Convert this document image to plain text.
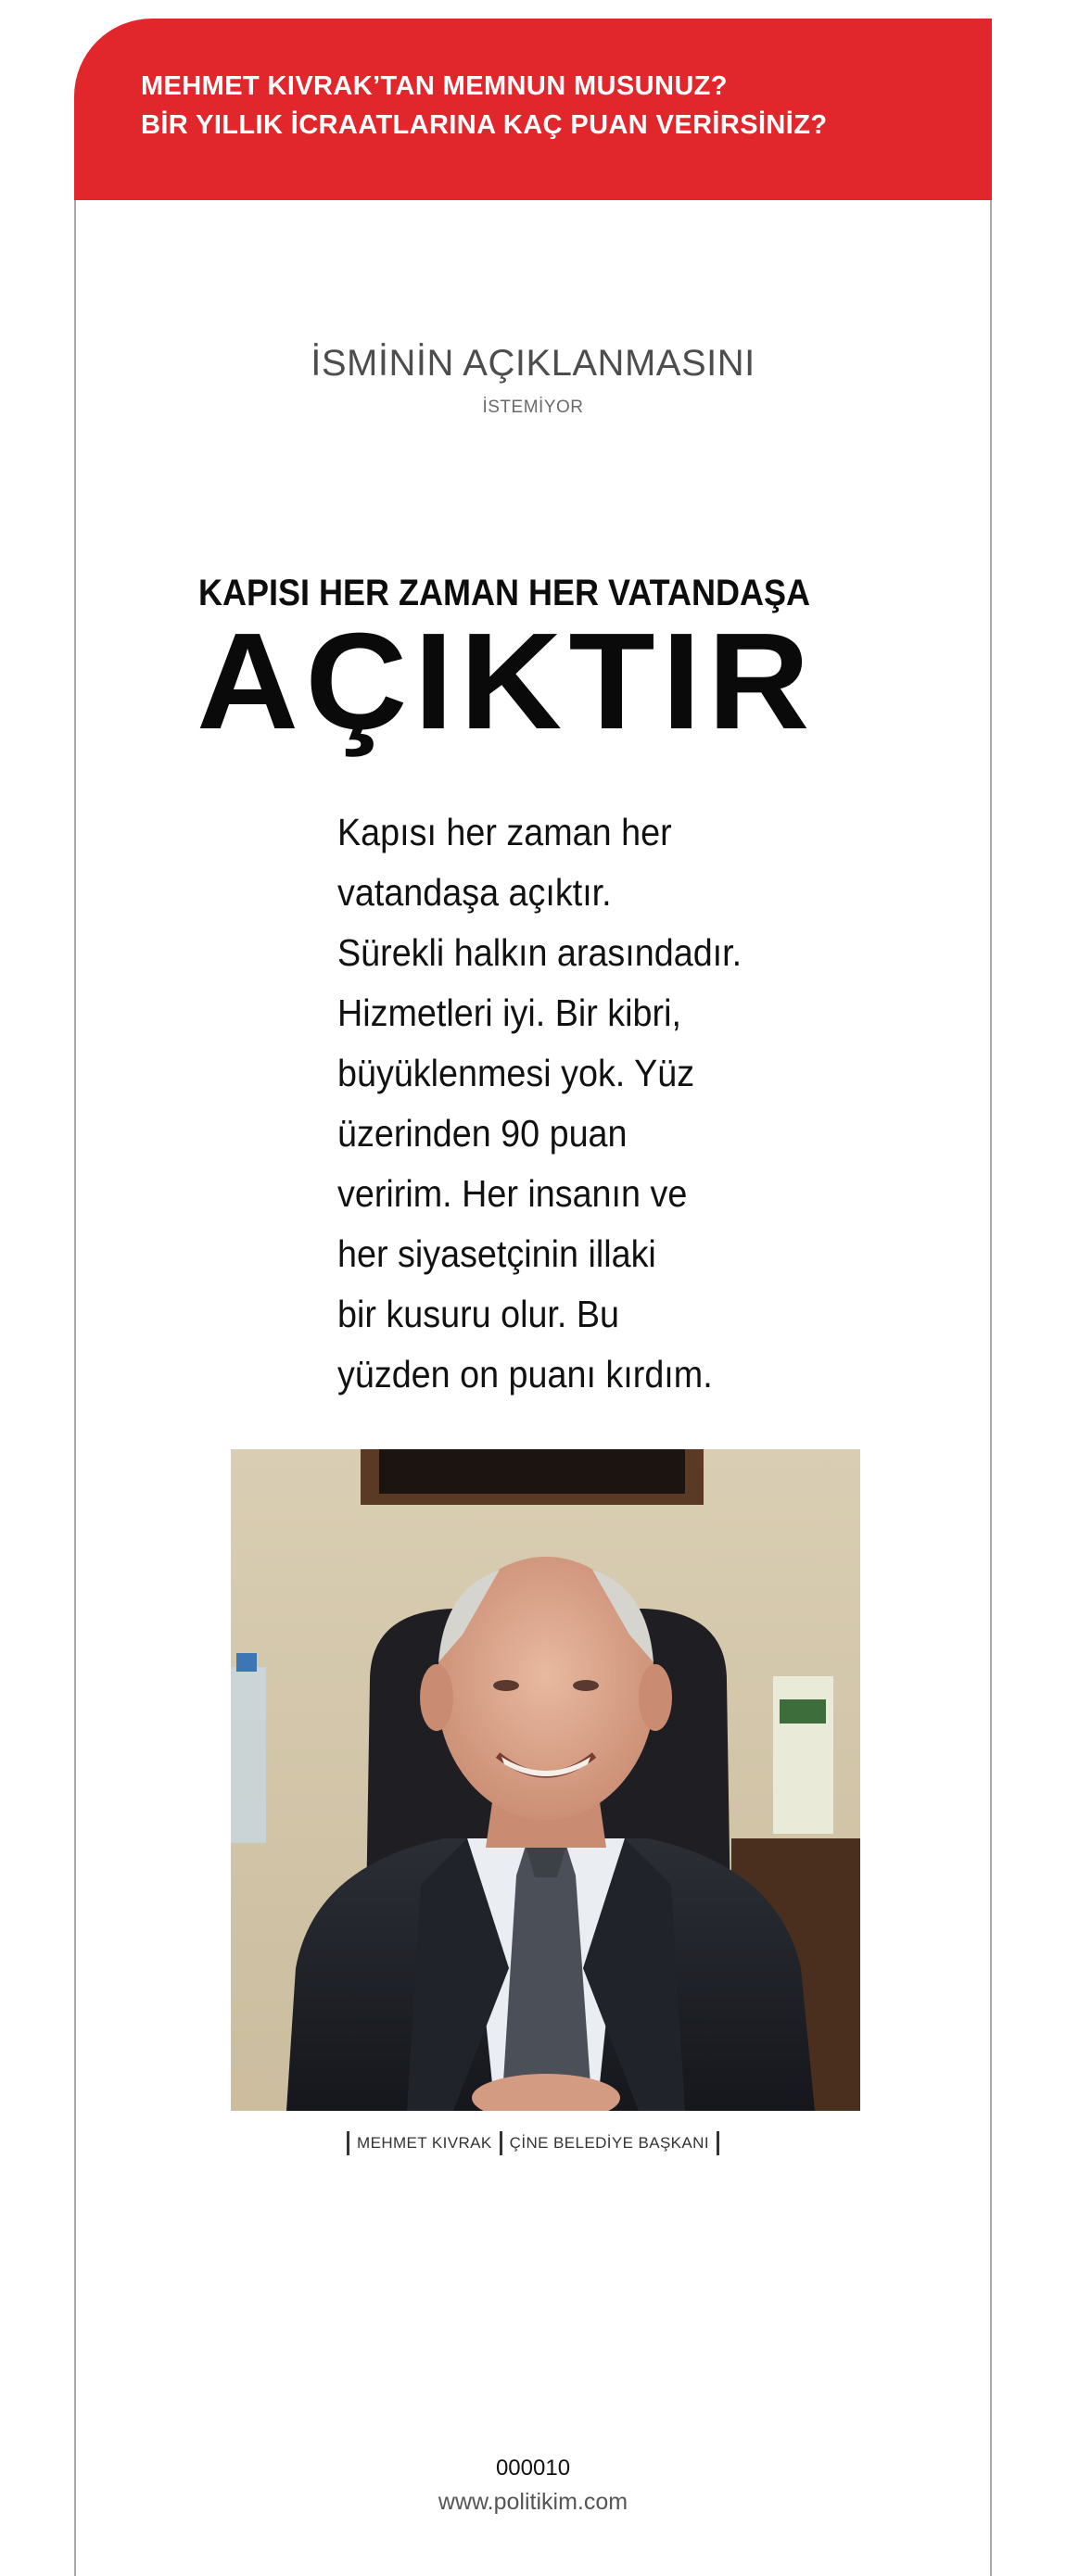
MEHMET KIVRAK’TAN MEMNUN MUSUNUZ?
BİR YILLIK İCRAATLARINA KAÇ PUAN VERİRSİNİZ?
İSMİNİN AÇIKLANMASINI
İSTEMİYOR
KAPISI HER ZAMAN HER VATANDAŞA
AÇIKTIR
Kapısı her zaman her
vatandaşa açıktır.
Sürekli halkın arasındadır.
Hizmetleri iyi. Bir kibri,
büyüklenmesi yok. Yüz
üzerinden 90 puan
veririm. Her insanın ve
her siyasetçinin illaki
bir kusuru olur. Bu
yüzden on puanı kırdım.
MEHMET KIVRAK ÇİNE BELEDİYE BAŞKANI
000010
www.politikim.com
